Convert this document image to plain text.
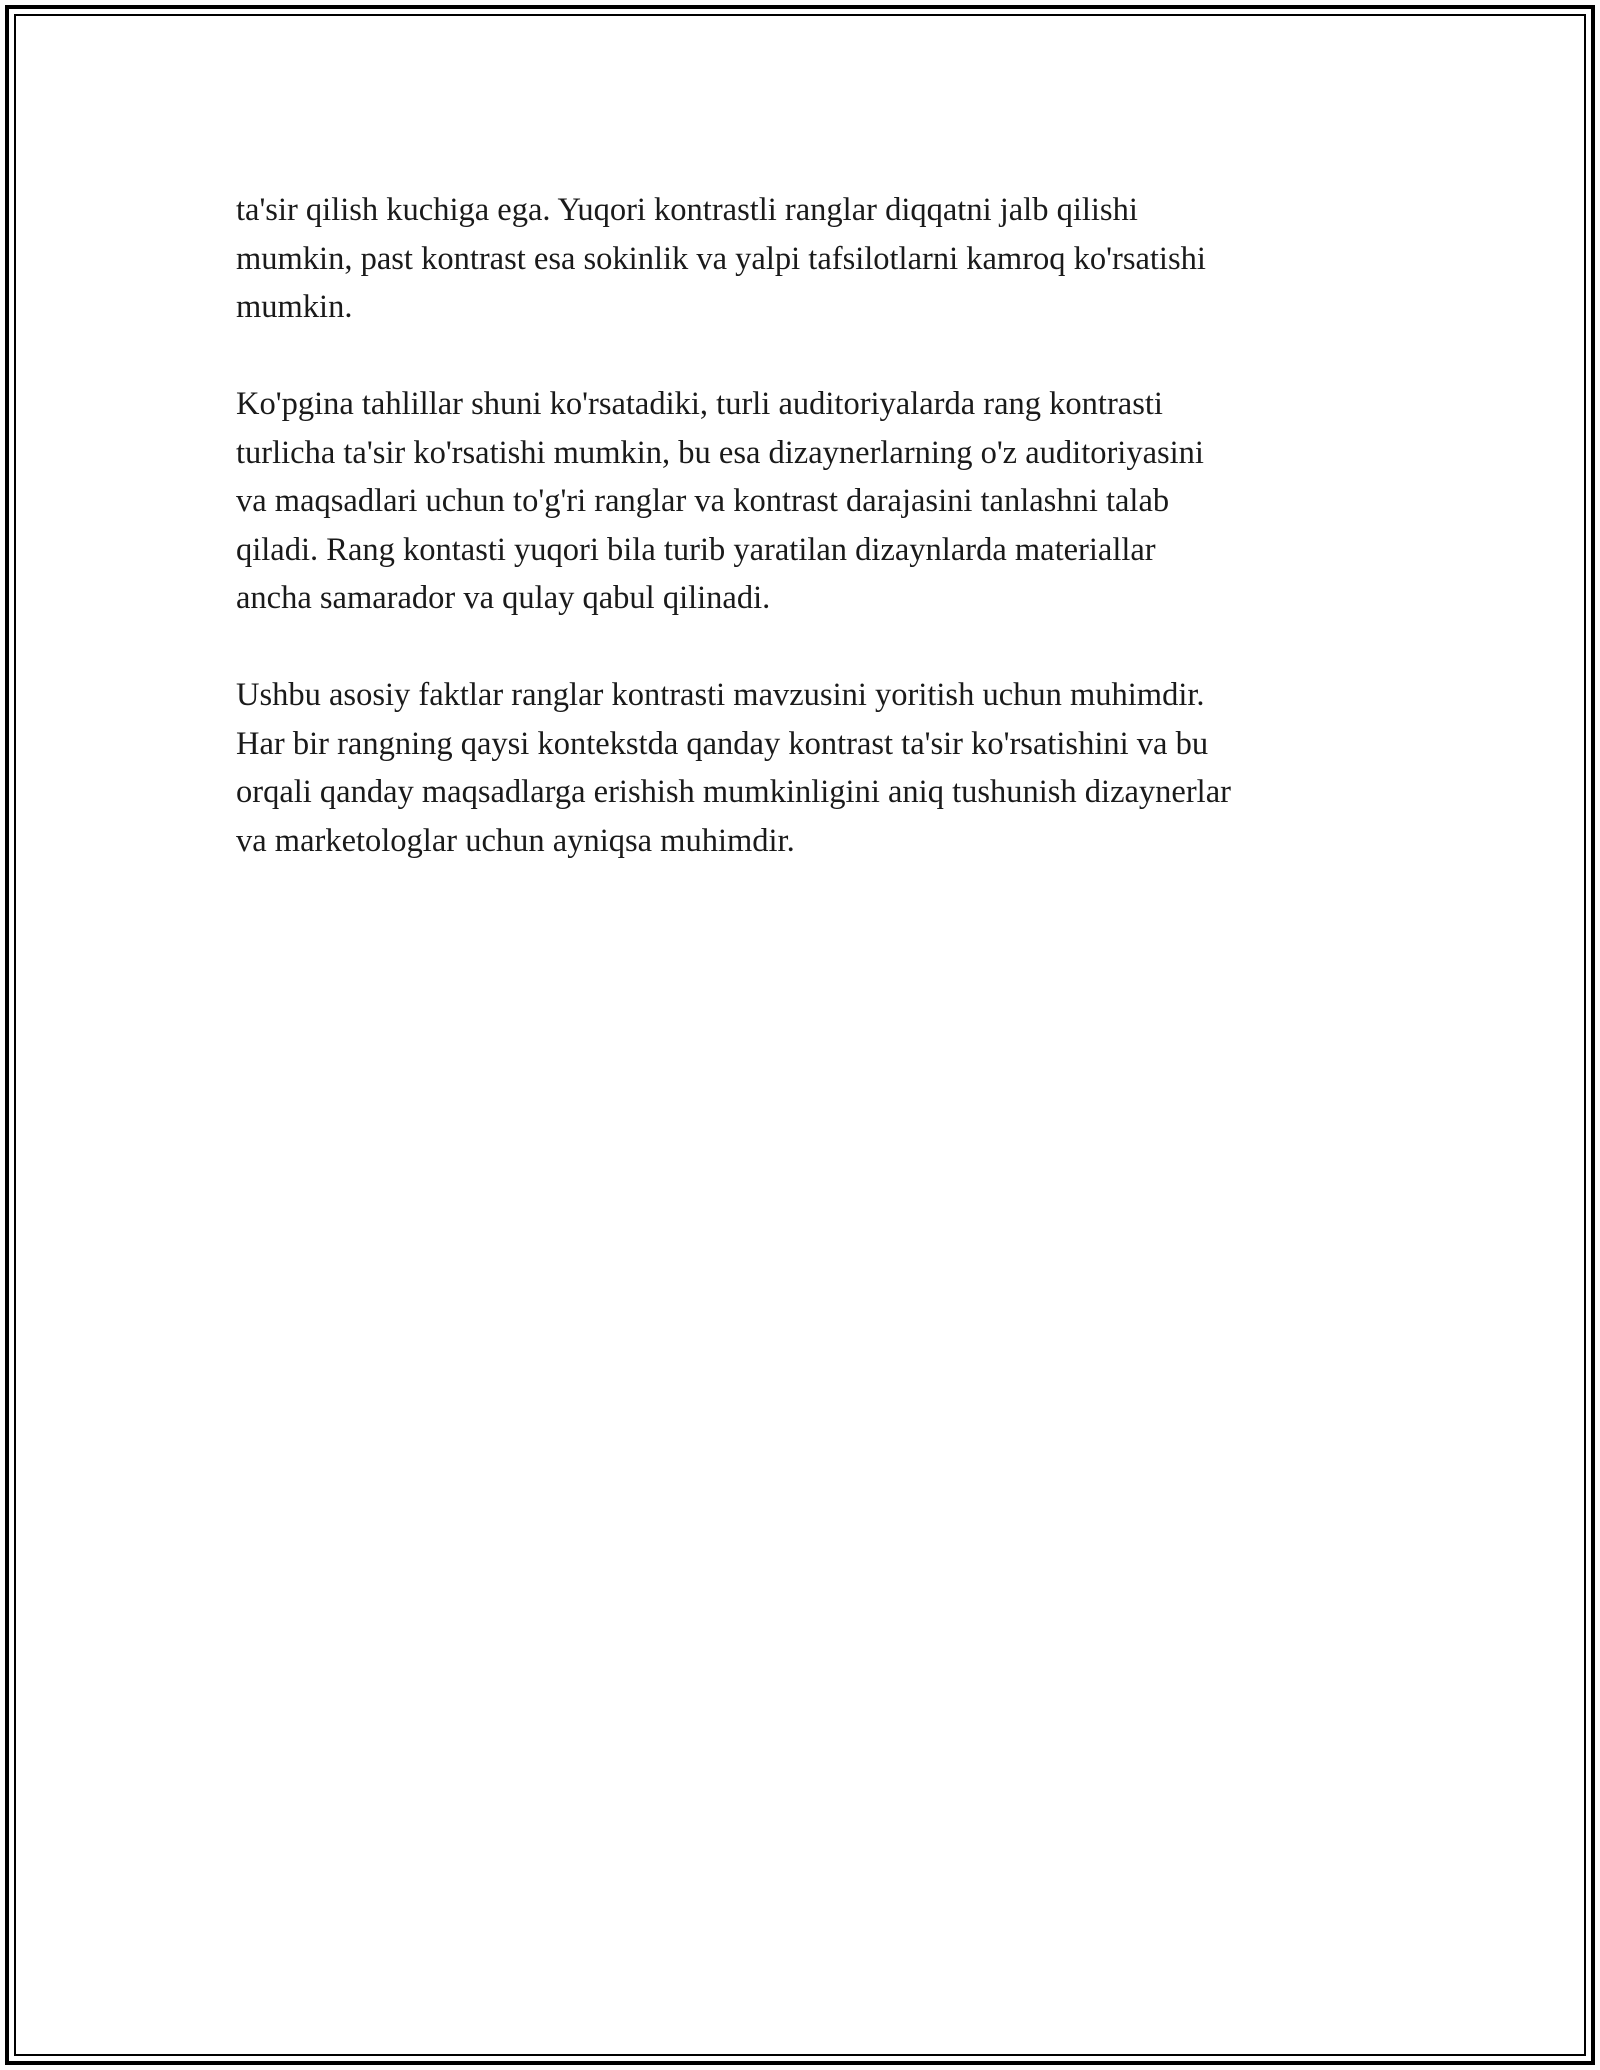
ta'sir qilish kuchiga ega. Yuqori kontrastli ranglar diqqatni jalb qilishi
mumkin, past kontrast esa sokinlik va yalpi tafsilotlarni kamroq ko'rsatishi
mumkin.

Ko'pgina tahlillar shuni ko'rsatadiki, turli auditoriyalarda rang kontrasti
turlicha ta'sir ko'rsatishi mumkin, bu esa dizaynerlarning o'z auditoriyasini
va maqsadlari uchun to'g'ri ranglar va kontrast darajasini tanlashni talab
qiladi. Rang kontasti yuqori bila turib yaratilan dizaynlarda materiallar
ancha samarador va qulay qabul qilinadi.

Ushbu asosiy faktlar ranglar kontrasti mavzusini yoritish uchun muhimdir.
Har bir rangning qaysi kontekstda qanday kontrast ta'sir ko'rsatishini va bu
orqali qanday maqsadlarga erishish mumkinligini aniq tushunish dizaynerlar
va marketologlar uchun ayniqsa muhimdir.
